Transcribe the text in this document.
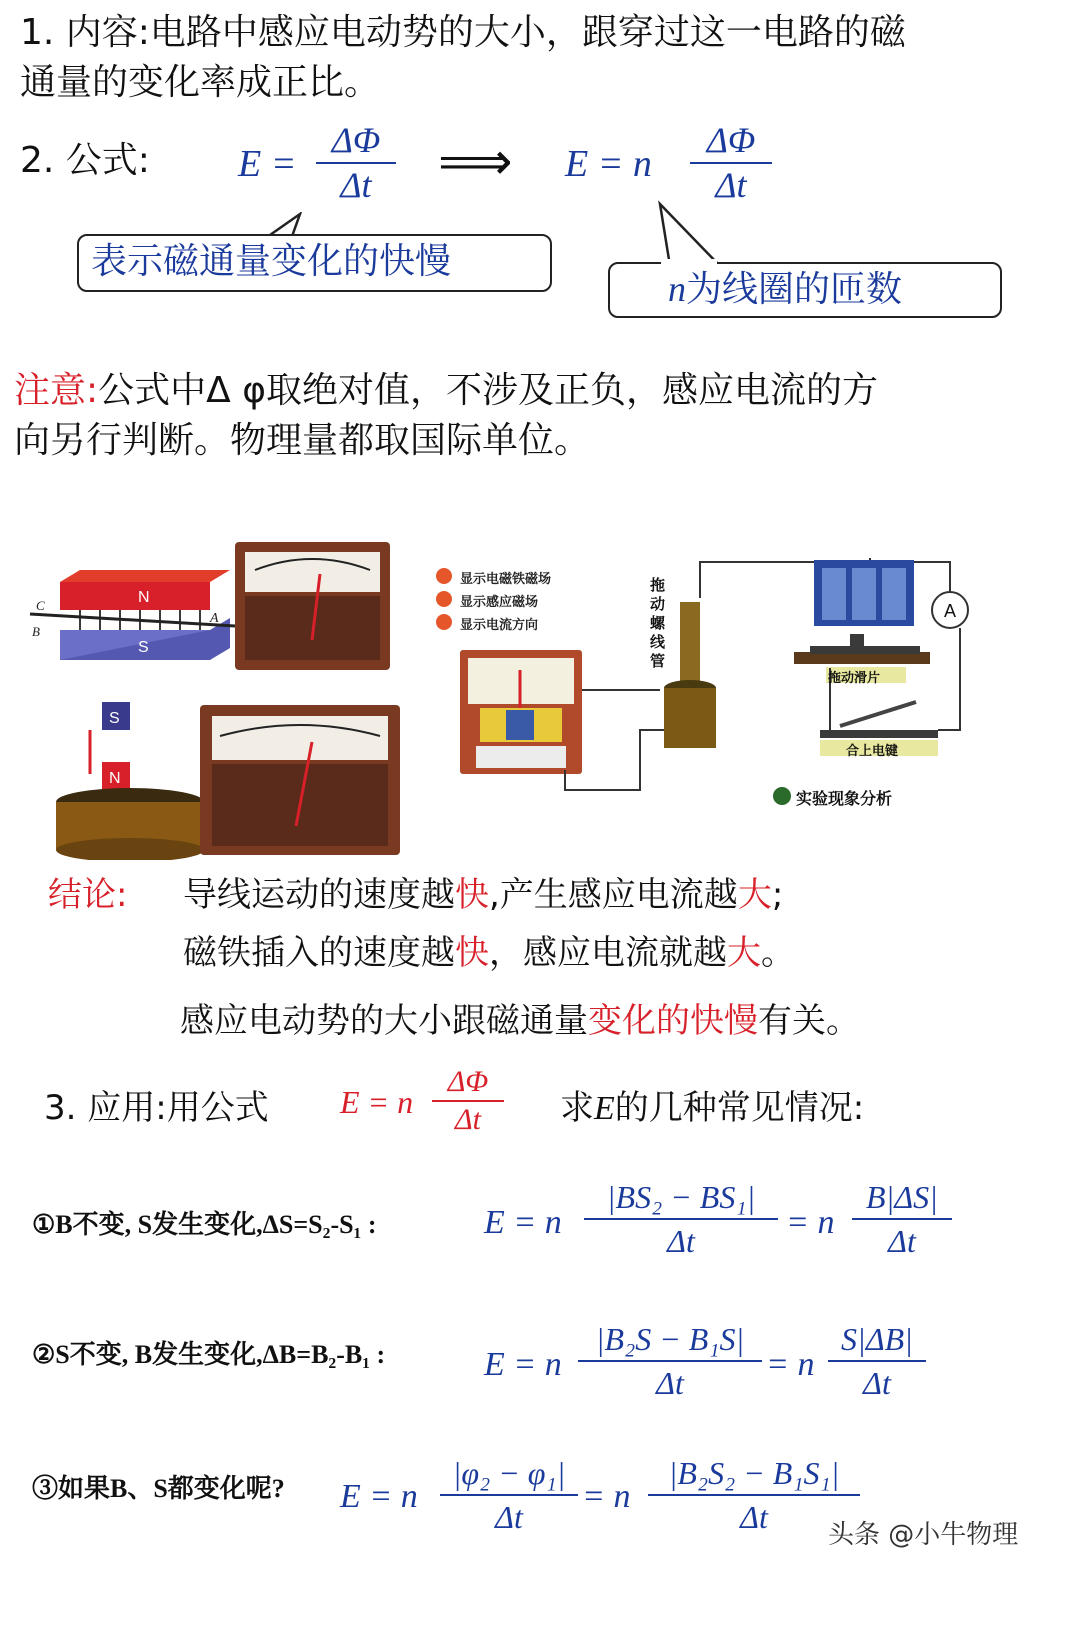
1. 内容:电路中感应电动势的大小，跟穿过这一电路的磁
通量的变化率成正比。
2. 公式: E =
ΔΦ
Δt	⟹ E = n
ΔΦ
Δt
表示磁通量变化的快慢
n为线圈的匝数
注意:公式中Δ φ取绝对值，不涉及正负，感应电流的方
向另行判断。物理量都取国际单位。
N
S
A
C
B
S
N
A
显示电磁铁磁场
显示感应磁场
显示电流方向
拖动螺线管
拖动滑片
合上电键
实验现象分析
结论: 导线运动的速度越快,产生感应电流越大;
磁铁插入的速度越快，感应电流就越大。
感应电动势的大小跟磁通量变化的快慢有关。
3. 应用:用公式 E = n
ΔΦ
Δt	求E的几种常见情况:
①B不变, S发生变化,ΔS=S₂-S₁ :	E = n
|BS₂ − BS₁|
Δt	= n
B|ΔS|
Δt
②S不变, B发生变化,ΔB=B₂-B₁ :	E = n
|B₂S − B₁S|
Δt	= n
S|ΔB|
Δt
③如果B、S都变化呢? E = n
|φ₂ − φ₁|
Δt
= n
|B₂S₂ − B₁S₁|
Δt	头条 @小牛物理
